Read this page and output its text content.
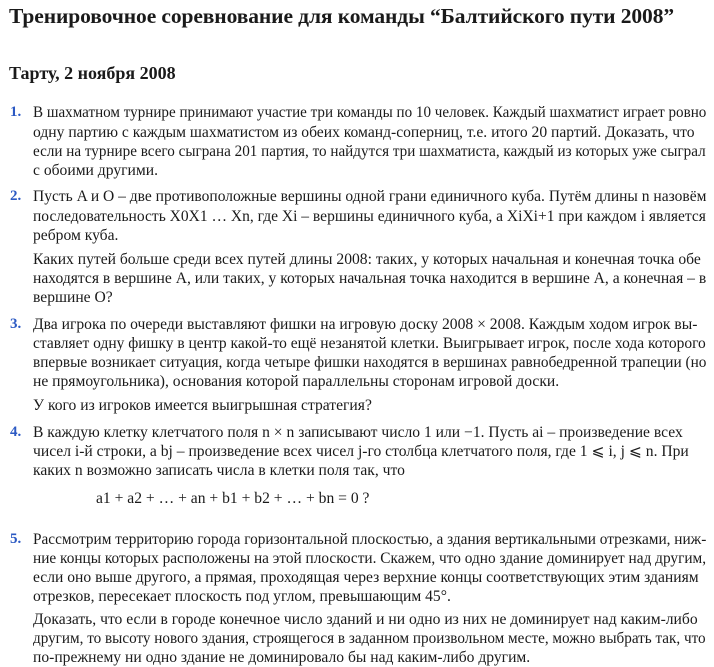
Тренировочное соревнование для команды “Балтийского пути 2008”
Тарту, 2 ноября 2008
1. В шахматном турнире принимают участие три команды по 10 человек. Каждый шахматист играет ровно
одну партию с каждым шахматистом из обеих команд-соперниц, т.е. итого 20 партий. Доказать, что
если на турнире всего сыграна 201 партия, то найдутся три шахматиста, каждый из которых уже сыграл
с обоими другими.
2. Пусть A и O – две противоположные вершины одной грани единичного куба. Путём длины n назовём
последовательность X0X1 … Xn, где Xi – вершины единичного куба, а XiXi+1 при каждом i является
ребром куба.
Каких путей больше среди всех путей длины 2008: таких, у которых начальная и конечная точка обе
находятся в вершине A, или таких, у которых начальная точка находится в вершине A, а конечная – в
вершине O?
3. Два игрока по очереди выставляют фишки на игровую доску 2008 × 2008. Каждым ходом игрок вы-
ставляет одну фишку в центр какой-то ещё незанятой клетки. Выигрывает игрок, после хода которого
впервые возникает ситуация, когда четыре фишки находятся в вершинах равнобедренной трапеции (но
не прямоугольника), основания которой параллельны сторонам игровой доски.
У кого из игроков имеется выигрышная стратегия?
4. В каждую клетку клетчатого поля n × n записывают число 1 или −1. Пусть ai – произведение всех
чисел i-й строки, а bj – произведение всех чисел j-го столбца клетчатого поля, где 1 ⩽ i, j ⩽ n. При
каких n возможно записать числа в клетки поля так, что
a1 + a2 + … + an + b1 + b2 + … + bn = 0 ?
5. Рассмотрим территорию города горизонтальной плоскостью, а здания вертикальными отрезками, ниж-
ние концы которых расположены на этой плоскости. Скажем, что одно здание доминирует над другим,
если оно выше другого, а прямая, проходящая через верхние концы соответствующих этим зданиям
отрезков, пересекает плоскость под углом, превышающим 45°.
Доказать, что если в городе конечное число зданий и ни одно из них не доминирует над каким-либо
другим, то высоту нового здания, строящегося в заданном произвольном месте, можно выбрать так, что
по-прежнему ни одно здание не доминировало бы над каким-либо другим.
